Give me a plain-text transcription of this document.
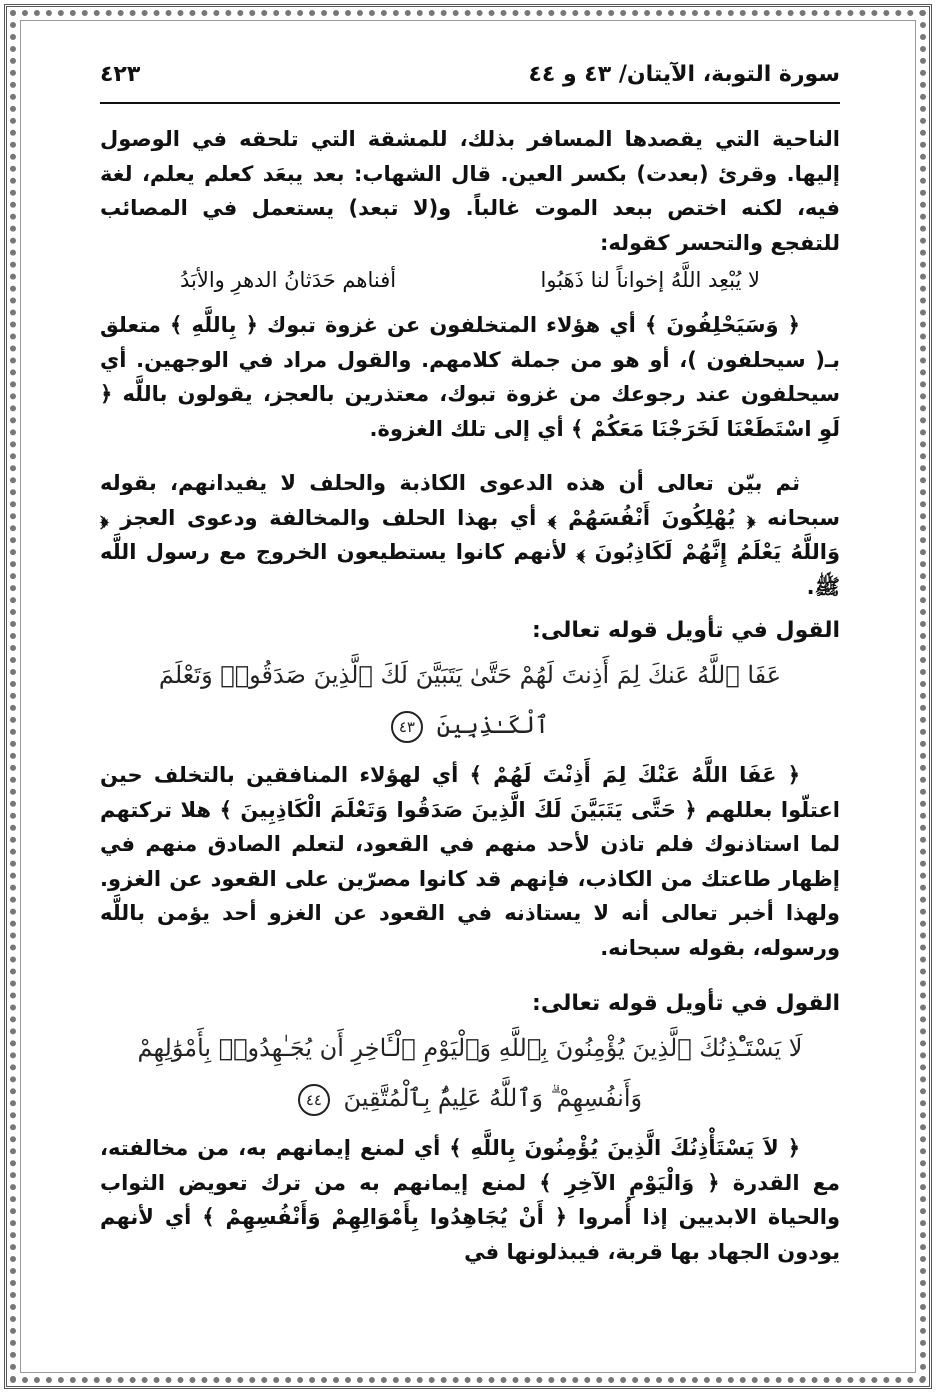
سورة التوبة، الآيتان/ ٤٣ و ٤٤
٤٢٣

الناحية التي يقصدها المسافر بذلك، للمشقة التي تلحقه في الوصول إليها. وقرئ (بعدت) بكسر العين. قال الشهاب: بعد يبعَد كعلم يعلم، لغة فيه، لكنه اختص ببعد الموت غالباً. و(لا تبعد) يستعمل في المصائب للتفجع والتحسر كقوله:

لا يُبْعِد اللَّهُ إخواناً لنا ذَهَبُوا
أفناهم حَدَثانُ الدهرِ والأبَدُ

﴿ وَسَيَحْلِفُونَ ﴾ أي هؤلاء المتخلفون عن غزوة تبوك ﴿ بِاللَّهِ ﴾ متعلق بـ( سيحلفون )، أو هو من جملة كلامهم. والقول مراد في الوجهين. أي سيحلفون عند رجوعك من غزوة تبوك، معتذرين بالعجز، يقولون باللَّه ﴿ لَوِ اسْتَطَعْنَا لَخَرَجْنَا مَعَكُمْ ﴾ أي إلى تلك الغزوة.

ثم بيّن تعالى أن هذه الدعوى الكاذبة والحلف لا يفيدانهم، بقوله سبحانه ﴿ يُهْلِكُونَ أَنْفُسَهُمْ ﴾ أي بهذا الحلف والمخالفة ودعوى العجز ﴿ وَاللَّهُ يَعْلَمُ إِنَّهُمْ لَكَاذِبُونَ ﴾ لأنهم كانوا يستطيعون الخروج مع رسول اللَّه ﷺ.

القول في تأويل قوله تعالى:
عَفَا ٱللَّهُ عَنكَ لِمَ أَذِنتَ لَهُمْ حَتَّىٰ يَتَبَيَّنَ لَكَ ٱلَّذِينَ صَدَقُوا۟ وَتَعْلَمَ
ٱلْكَـٰذِبِينَ ٤٣

﴿ عَفَا اللَّهُ عَنْكَ لِمَ أَذِنْتَ لَهُمْ ﴾ أي لهؤلاء المنافقين بالتخلف حين اعتلّوا بعللهم ﴿ حَتَّى يَتَبَيَّنَ لَكَ الَّذِينَ صَدَقُوا وَتَعْلَمَ الْكَاذِبِينَ ﴾ هلا تركتهم لما استاذنوك فلم تاذن لأحد منهم في القعود، لتعلم الصادق منهم في إظهار طاعتك من الكاذب، فإنهم قد كانوا مصرّين على القعود عن الغزو. ولهذا أخبر تعالى أنه لا يستاذنه في القعود عن الغزو أحد يؤمن باللَّه ورسوله، بقوله سبحانه.

القول في تأويل قوله تعالى:
لَا يَسْتَـْٔذِنُكَ ٱلَّذِينَ يُؤْمِنُونَ بِٱللَّهِ وَٱلْيَوْمِ ٱلْـَٔاخِرِ أَن يُجَـٰهِدُوا۟ بِأَمْوَٰلِهِمْ
وَأَنفُسِهِمْ ۗ وَٱللَّهُ عَلِيمٌۢ بِٱلْمُتَّقِينَ ٤٤

﴿ لاَ يَسْتَأْذِنُكَ الَّذِينَ يُؤْمِنُونَ بِاللَّهِ ﴾ أي لمنع إيمانهم به، من مخالفته، مع القدرة ﴿ وَالْيَوْمِ الآخِرِ ﴾ لمنع إيمانهم به من ترك تعويض الثواب والحياة الابديين إذا أُمروا ﴿ أَنْ يُجَاهِدُوا بِأَمْوَالِهِمْ وَأَنْفُسِهِمْ ﴾ أي لأنهم يودون الجهاد بها قربة، فيبذلونها في
